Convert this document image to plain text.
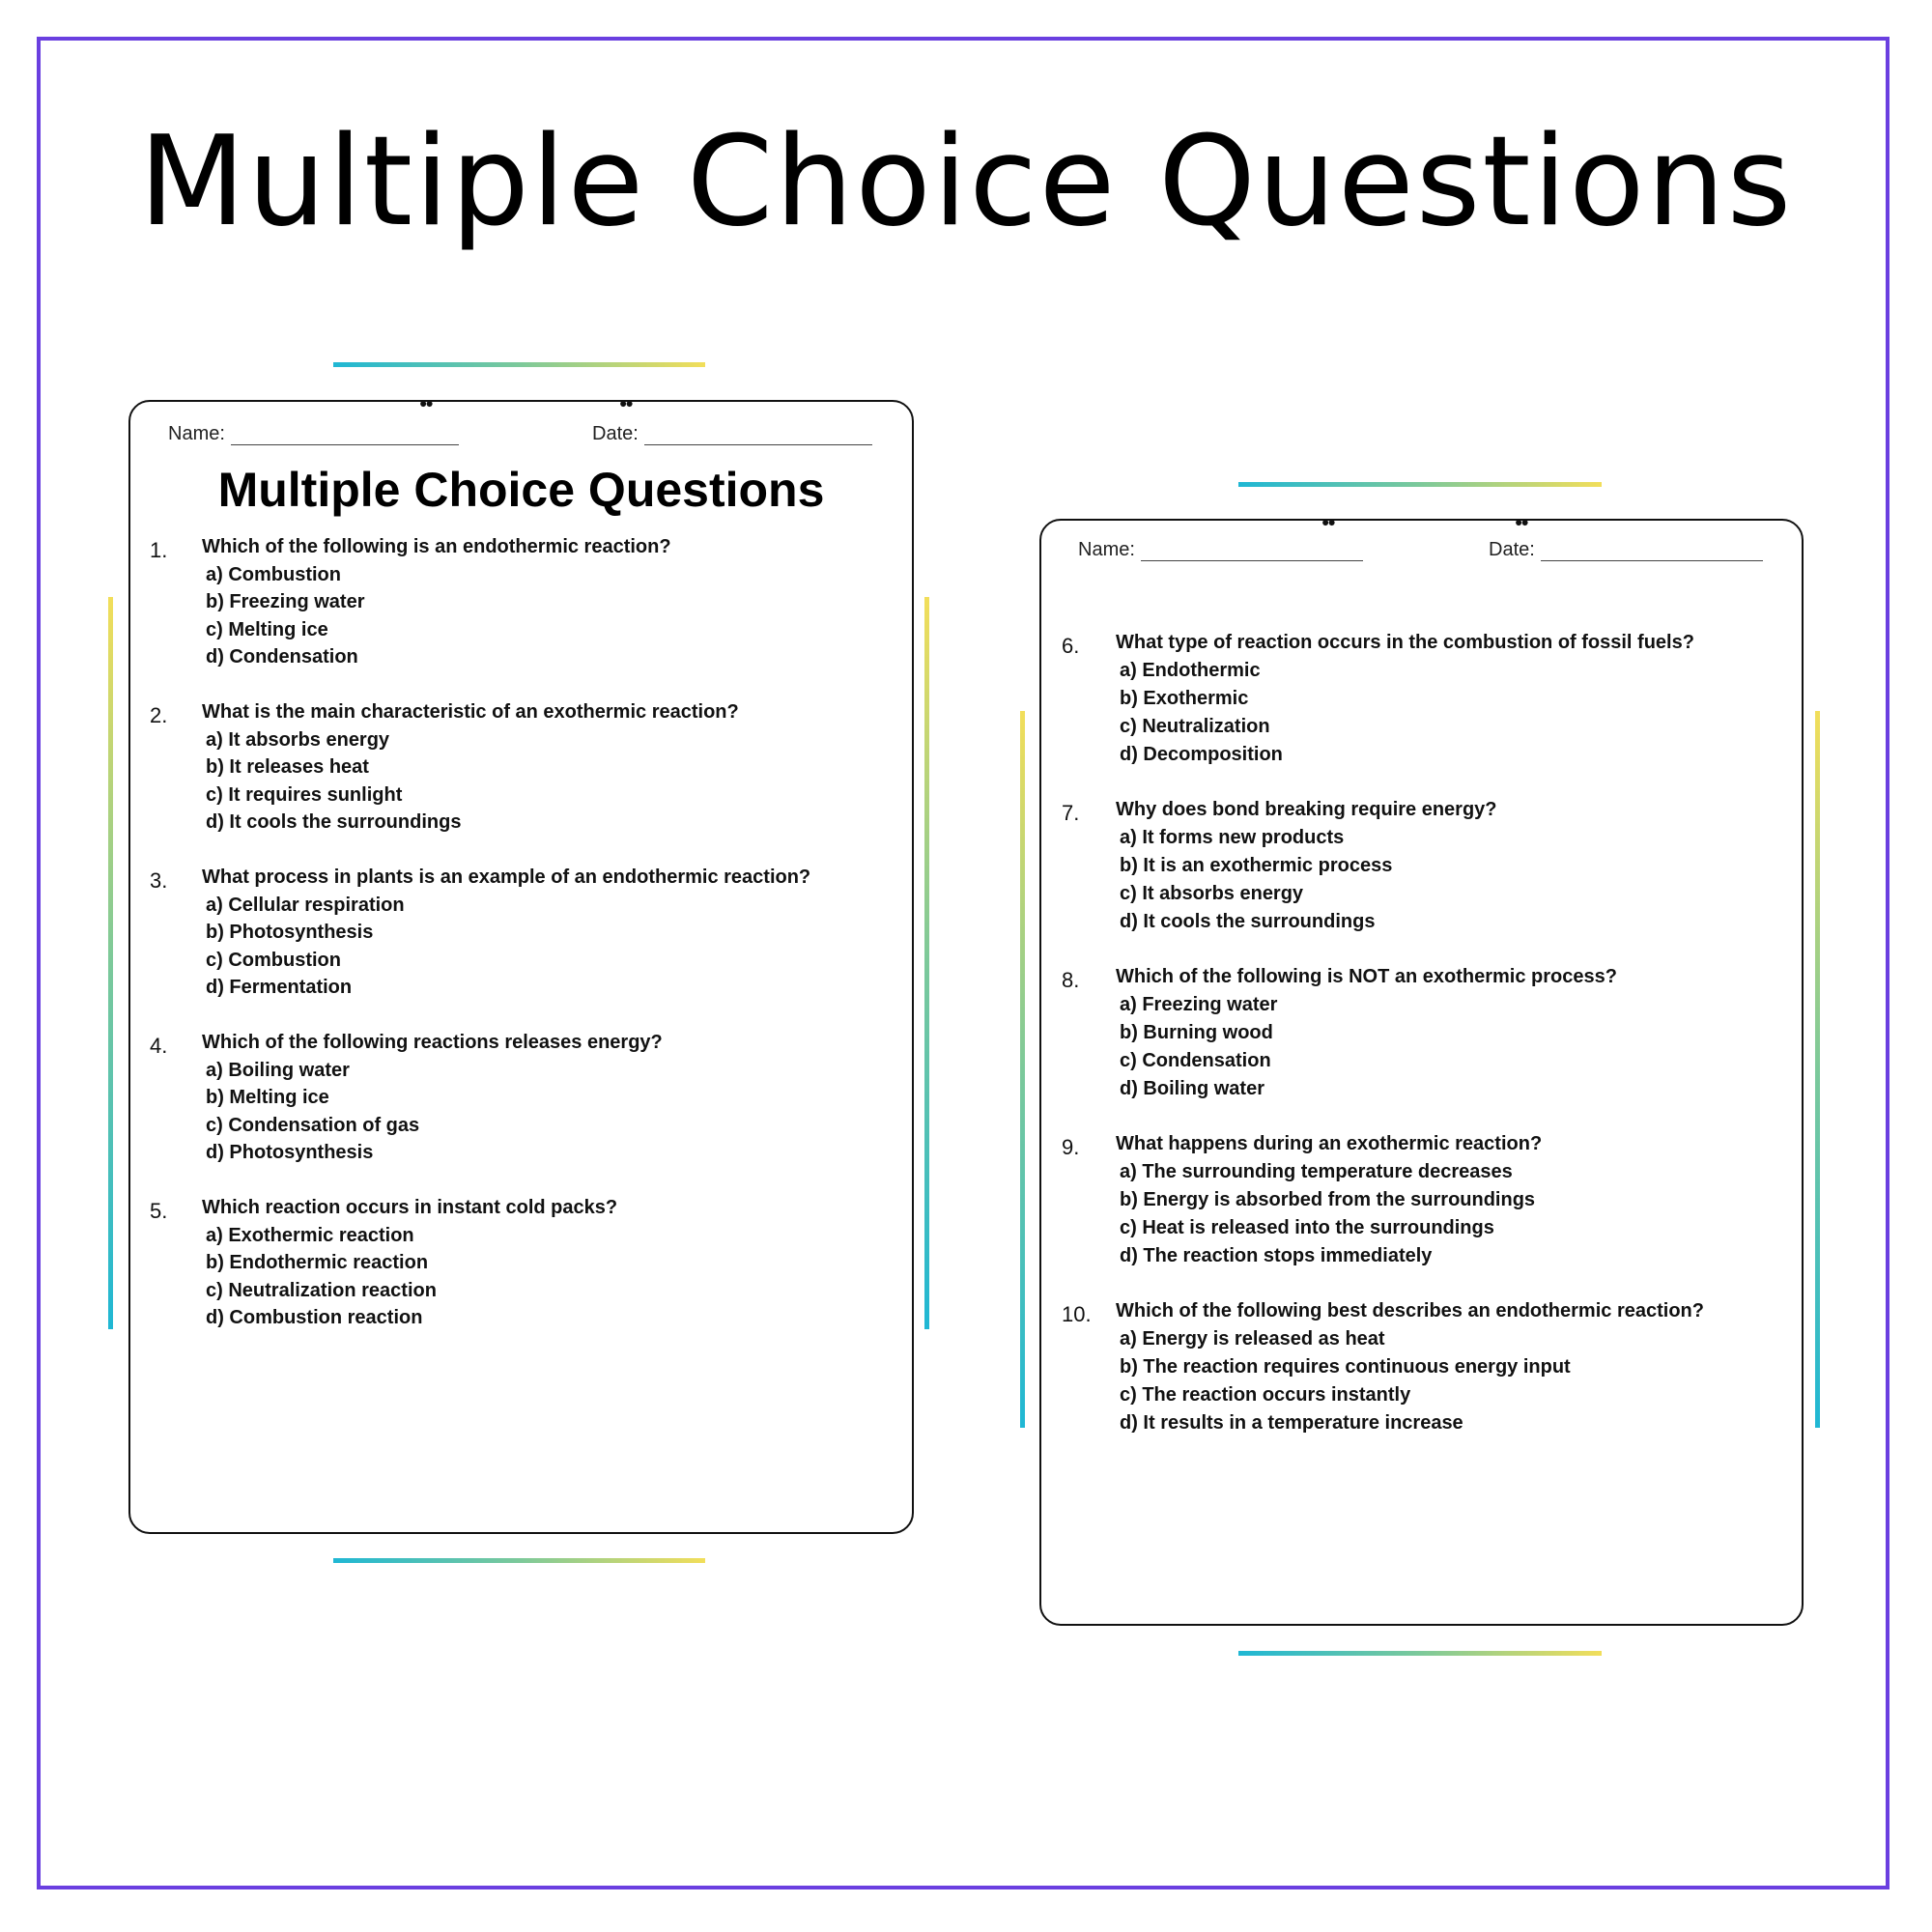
Multiple Choice Questions
●●	●●
Name:	Date:
Multiple Choice Questions
1. Which of the following is an endothermic reaction?
a) Combustion
b) Freezing water
c) Melting ice
d) Condensation
2. What is the main characteristic of an exothermic reaction?
a) It absorbs energy
b) It releases heat
c) It requires sunlight
d) It cools the surroundings
3. What process in plants is an example of an endothermic reaction?
a) Cellular respiration
b) Photosynthesis
c) Combustion
d) Fermentation
4. Which of the following reactions releases energy?
a) Boiling water
b) Melting ice
c) Condensation of gas
d) Photosynthesis
5. Which reaction occurs in instant cold packs?
a) Exothermic reaction
b) Endothermic reaction
c) Neutralization reaction
d) Combustion reaction
●●	●●
Name:	Date:
6. What type of reaction occurs in the combustion of fossil fuels?
a) Endothermic
b) Exothermic
c) Neutralization
d) Decomposition
7. Why does bond breaking require energy?
a) It forms new products
b) It is an exothermic process
c) It absorbs energy
d) It cools the surroundings
8. Which of the following is NOT an exothermic process?
a) Freezing water
b) Burning wood
c) Condensation
d) Boiling water
9. What happens during an exothermic reaction?
a) The surrounding temperature decreases
b) Energy is absorbed from the surroundings
c) Heat is released into the surroundings
d) The reaction stops immediately
10. Which of the following best describes an endothermic reaction?
a) Energy is released as heat
b) The reaction requires continuous energy input
c) The reaction occurs instantly
d) It results in a temperature increase
